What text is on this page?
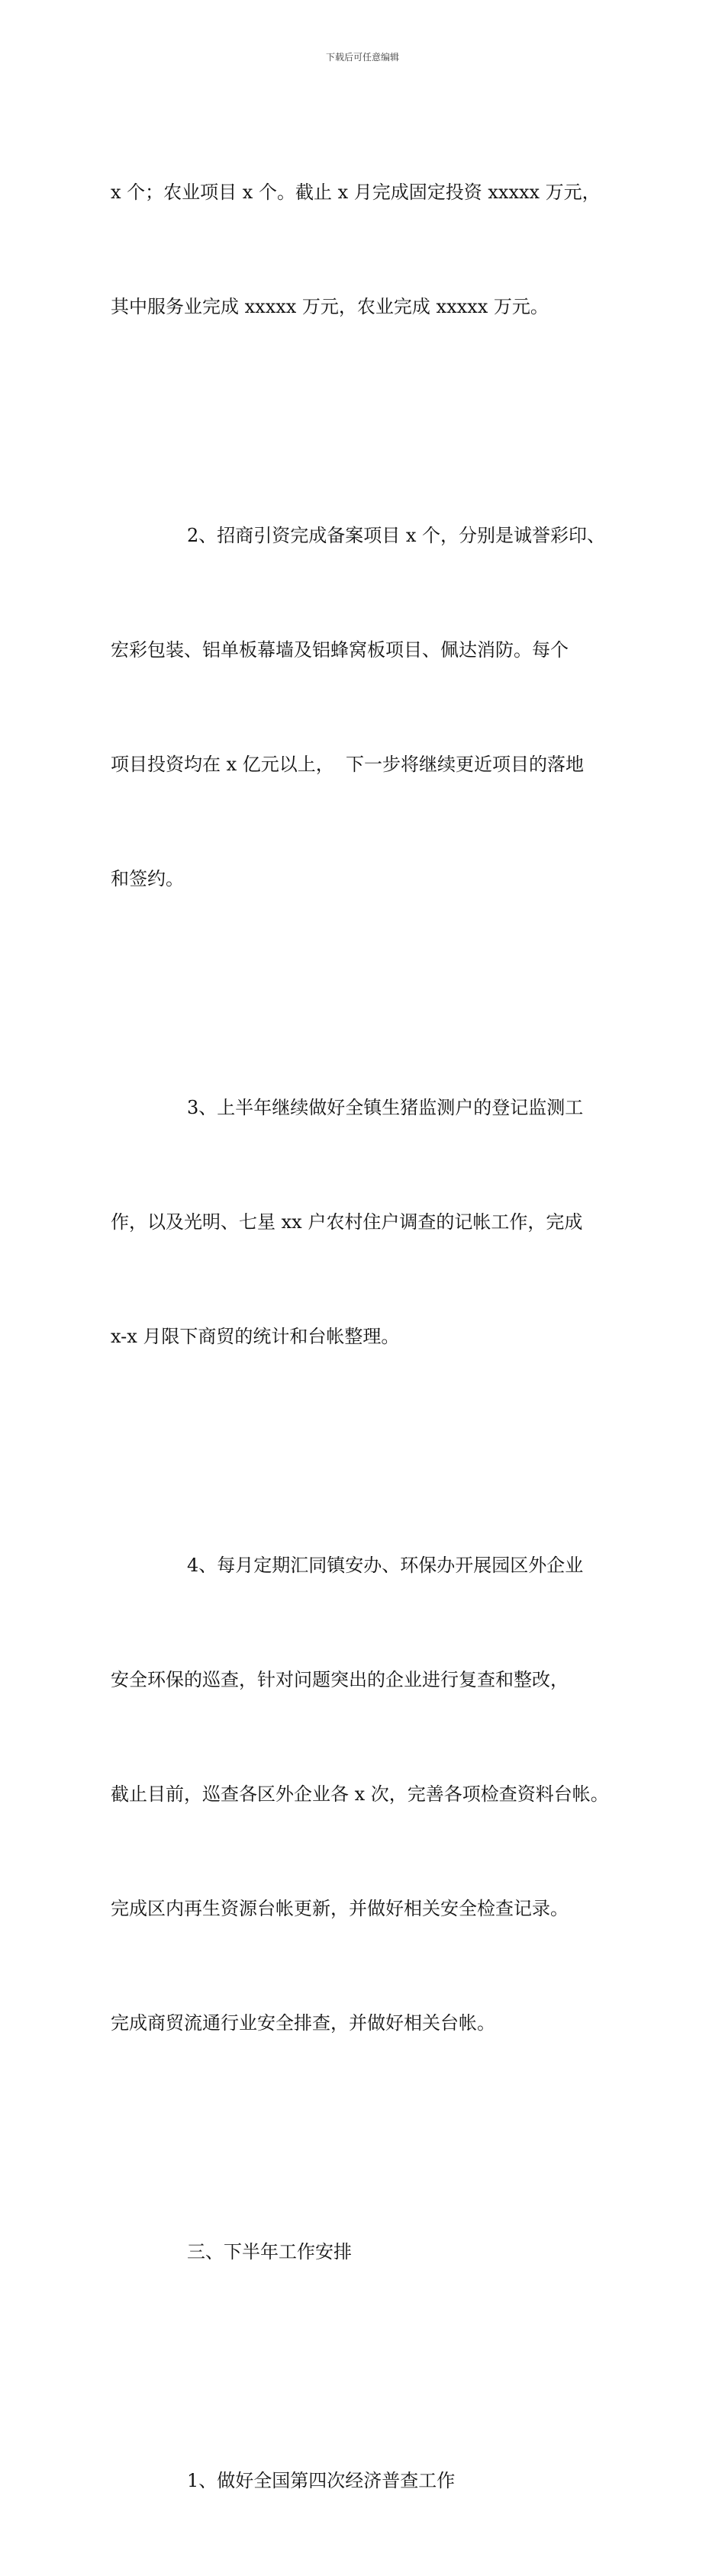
下载后可任意编辑

x 个；农业项目 x 个。截止 x 月完成固定投资 xxxxx 万元，

其中服务业完成 xxxxx 万元，农业完成 xxxxx 万元。

2、招商引资完成备案项目 x 个，分别是诚誉彩印、

宏彩包装、铝单板幕墙及铝蜂窝板项目、佩达消防。每个

项目投资均在 x 亿元以上，  下一步将继续更近项目的落地

和签约。

3、上半年继续做好全镇生猪监测户的登记监测工

作，以及光明、七星 xx 户农村住户调查的记帐工作，完成

x-x 月限下商贸的统计和台帐整理。

4、每月定期汇同镇安办、环保办开展园区外企业

安全环保的巡查，针对问题突出的企业进行复查和整改，

截止目前，巡查各区外企业各 x 次，完善各项检查资料台帐。

完成区内再生资源台帐更新，并做好相关安全检查记录。

完成商贸流通行业安全排查，并做好相关台帐。

三、下半年工作安排

1、做好全国第四次经济普查工作
